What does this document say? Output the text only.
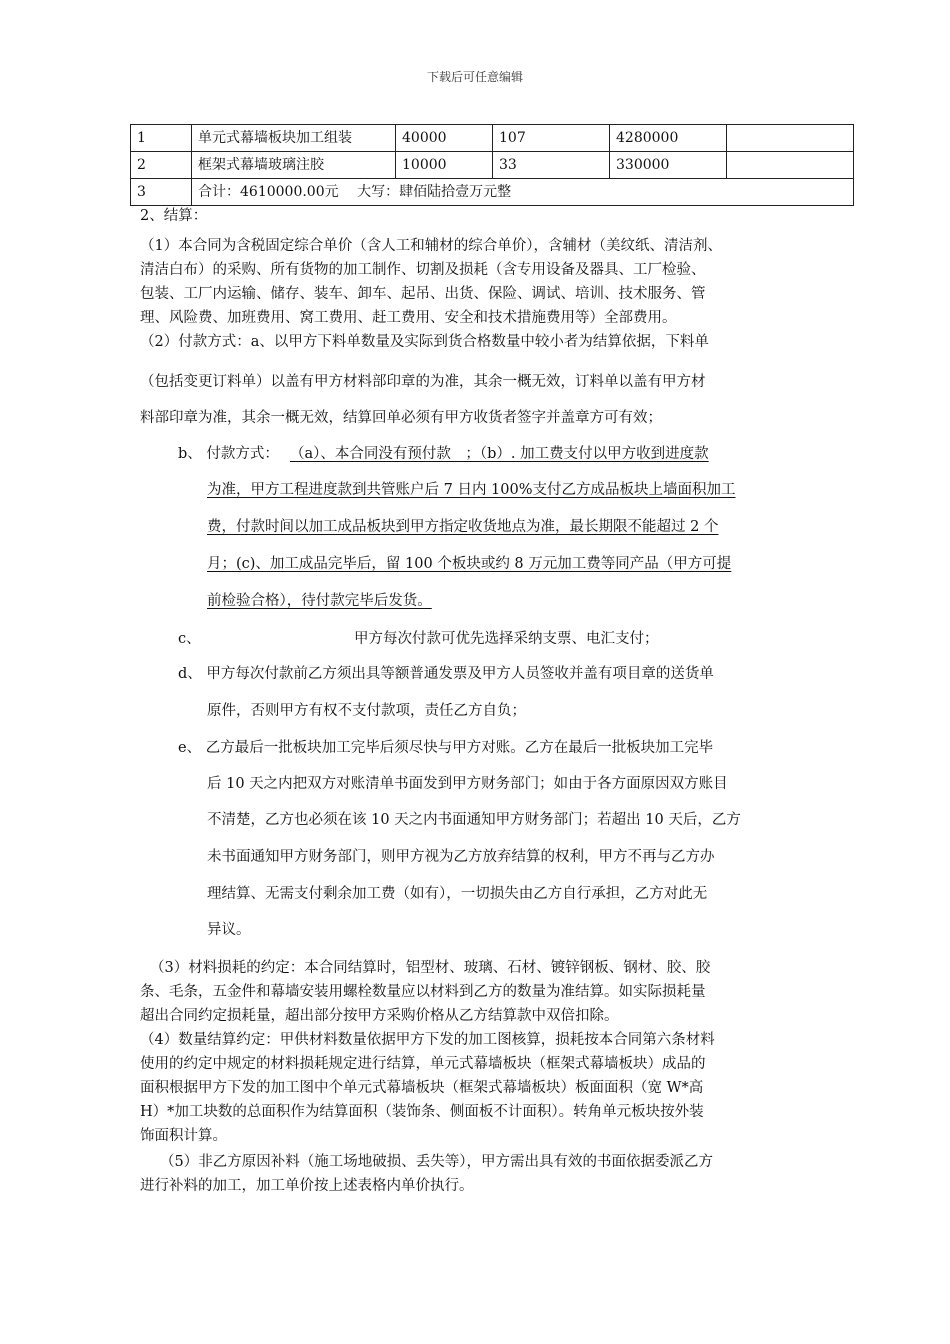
下载后可任意编辑
1	单元式幕墙板块加工组装	40000	107	4280000	
2	框架式幕墙玻璃注胶	10000	33	330000	
3	合计：4610000.00元　 大写：肆佰陆拾壹万元整				
2、结算：
（1）本合同为含税固定综合单价（含人工和辅材的综合单价），含辅材（美纹纸、清洁剂、
清洁白布）的采购、所有货物的加工制作、切割及损耗（含专用设备及器具、工厂检验、
包装、工厂内运输、储存、装车、卸车、起吊、出货、保险、调试、培训、技术服务、管
理、风险费、加班费用、窝工费用、赶工费用、安全和技术措施费用等）全部费用。
（2）付款方式：a、以甲方下料单数量及实际到货合格数量中较小者为结算依据，下料单
（包括变更订料单）以盖有甲方材料部印章的为准，其余一概无效，订料单以盖有甲方材
料部印章为准，其余一概无效，结算回单必须有甲方收货者签字并盖章方可有效；
b、 付款方式： （a）、本合同没有预付款　；（b）. 加工费支付以甲方收到进度款
为准，甲方工程进度款到共管账户后 7 日内 100%支付乙方成品板块上墙面积加工
费，付款时间以加工成品板块到甲方指定收货地点为准，最长期限不能超过 2 个
月；(c)、加工成品完毕后，留 100 个板块或约 8 万元加工费等同产品（甲方可提
前检验合格），待付款完毕后发货。
c、	甲方每次付款可优先选择采纳支票、电汇支付；
d、 甲方每次付款前乙方须出具等额普通发票及甲方人员签收并盖有项目章的送货单
原件，否则甲方有权不支付款项，责任乙方自负；
e、 乙方最后一批板块加工完毕后须尽快与甲方对账。乙方在最后一批板块加工完毕
后 10 天之内把双方对账清单书面发到甲方财务部门；如由于各方面原因双方账目
不清楚，乙方也必须在该 10 天之内书面通知甲方财务部门；若超出 10 天后，乙方
未书面通知甲方财务部门，则甲方视为乙方放弃结算的权利，甲方不再与乙方办
理结算、无需支付剩余加工费（如有），一切损失由乙方自行承担，乙方对此无
异议。
（3）材料损耗的约定：本合同结算时，铝型材、玻璃、石材、镀锌钢板、钢材、胶、胶
条、毛条，五金件和幕墙安装用螺栓数量应以材料到乙方的数量为准结算。如实际损耗量
超出合同约定损耗量，超出部分按甲方采购价格从乙方结算款中双倍扣除。
（4）数量结算约定：甲供材料数量依据甲方下发的加工图核算，损耗按本合同第六条材料
使用的约定中规定的材料损耗规定进行结算，单元式幕墙板块（框架式幕墙板块）成品的
面积根据甲方下发的加工图中个单元式幕墙板块（框架式幕墙板块）板面面积（宽 W*高
H）*加工块数的总面积作为结算面积（装饰条、侧面板不计面积）。转角单元板块按外装
饰面积计算。
（5）非乙方原因补料（施工场地破损、丢失等），甲方需出具有效的书面依据委派乙方
进行补料的加工，加工单价按上述表格内单价执行。
